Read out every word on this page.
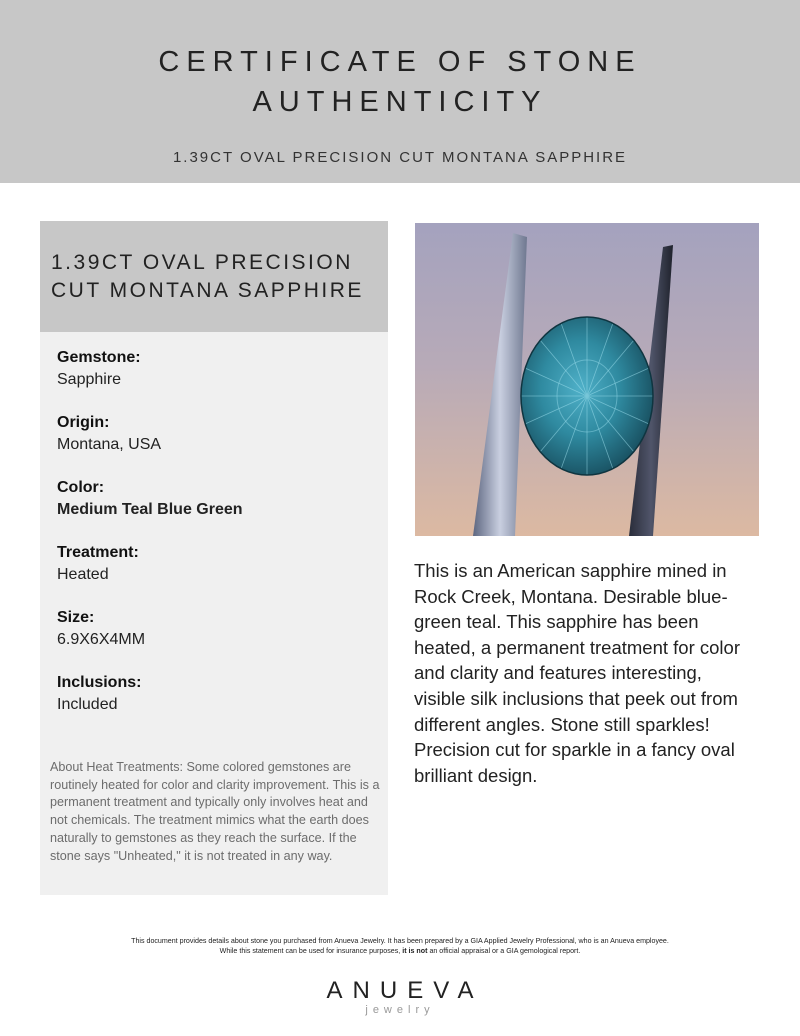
CERTIFICATE OF STONE
AUTHENTICITY
1.39CT OVAL PRECISION CUT MONTANA SAPPHIRE
1.39CT OVAL PRECISION
CUT MONTANA SAPPHIRE
Gemstone:
Sapphire
Origin:
Montana, USA
Color:
Medium Teal Blue Green
Treatment:
Heated
Size:
6.9X6X4MM
Inclusions:
Included
About Heat Treatments: Some colored gemstones are routinely heated for color and clarity improvement. This is a permanent treatment and typically only involves heat and not chemicals. The treatment mimics what the earth does naturally to gemstones as they reach the surface. If the stone says "Unheated," it is not treated in any way.
This is an American sapphire mined in Rock Creek, Montana. Desirable blue-green teal. This sapphire has been heated, a permanent treatment for color and clarity and features interesting, visible silk inclusions that peek out from different angles. Stone still sparkles! Precision cut for sparkle in a fancy oval brilliant design.
This document provides details about stone you purchased from Anueva Jewelry. It has been prepared by a GIA Applied Jewelry Professional, who is an Anueva employee.
While this statement can be used for insurance purposes, it is not an official appraisal or a GIA gemological report.
ANUEVA
jewelry
